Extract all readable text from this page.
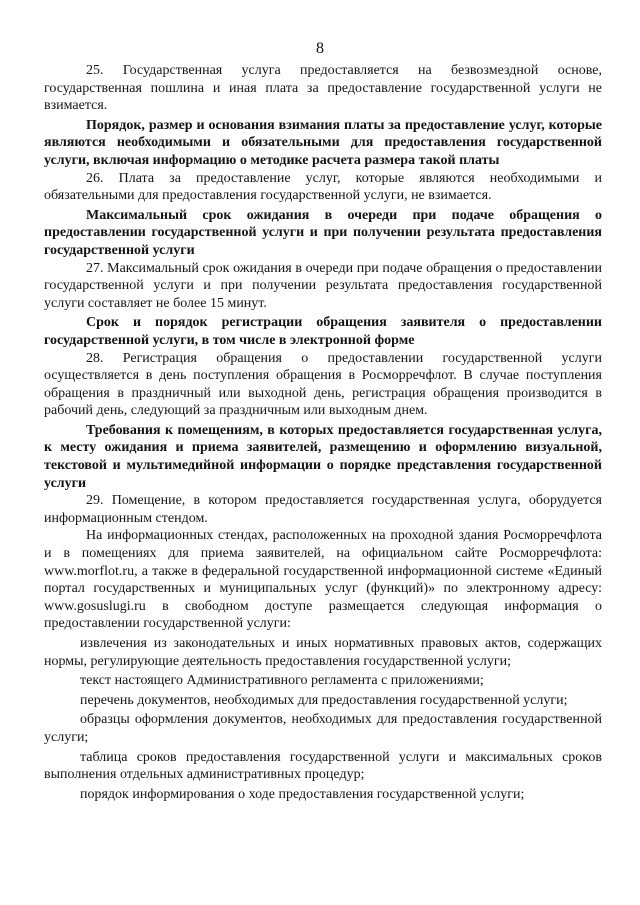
8

25. Государственная услуга предоставляется на безвозмездной основе, государственная пошлина и иная плата за предоставление государственной услуги не взимается.

Порядок, размер и основания взимания платы за предоставление услуг, которые являются необходимыми и обязательными для предоставления государственной услуги, включая информацию о методике расчета размера такой платы

26. Плата за предоставление услуг, которые являются необходимыми и обязательными для предоставления государственной услуги, не взимается.

Максимальный срок ожидания в очереди при подаче обращения о предоставлении государственной услуги и при получении результата предоставления государственной услуги

27. Максимальный срок ожидания в очереди при подаче обращения о предоставлении государственной услуги и при получении результата предоставления государственной услуги составляет не более 15 минут.

Срок и порядок регистрации обращения заявителя о предоставлении государственной услуги, в том числе в электронной форме

28. Регистрация обращения о предоставлении государственной услуги осуществляется в день поступления обращения в Росморречфлот. В случае поступления обращения в праздничный или выходной день, регистрация обращения производится в рабочий день, следующий за праздничным или выходным днем.

Требования к помещениям, в которых предоставляется государственная услуга, к месту ожидания и приема заявителей, размещению и оформлению визуальной, текстовой и мультимедийной информации о порядке представления государственной услуги

29. Помещение, в котором предоставляется государственная услуга, оборудуется информационным стендом.

На информационных стендах, расположенных на проходной здания Росморречфлота и в помещениях для приема заявителей, на официальном сайте Росморречфлота: www.morflot.ru, а также в федеральной государственной информационной системе «Единый портал государственных и муниципальных услуг (функций)» по электронному адресу: www.gosuslugi.ru в свободном доступе размещается следующая информация о предоставлении государственной услуги:

извлечения из законодательных и иных нормативных правовых актов, содержащих нормы, регулирующие деятельность предоставления государственной услуги;

текст настоящего Административного регламента с приложениями;

перечень документов, необходимых для предоставления государственной услуги;

образцы оформления документов, необходимых для предоставления государственной услуги;

таблица сроков предоставления государственной услуги и максимальных сроков выполнения отдельных административных процедур;

порядок информирования о ходе предоставления государственной услуги;
